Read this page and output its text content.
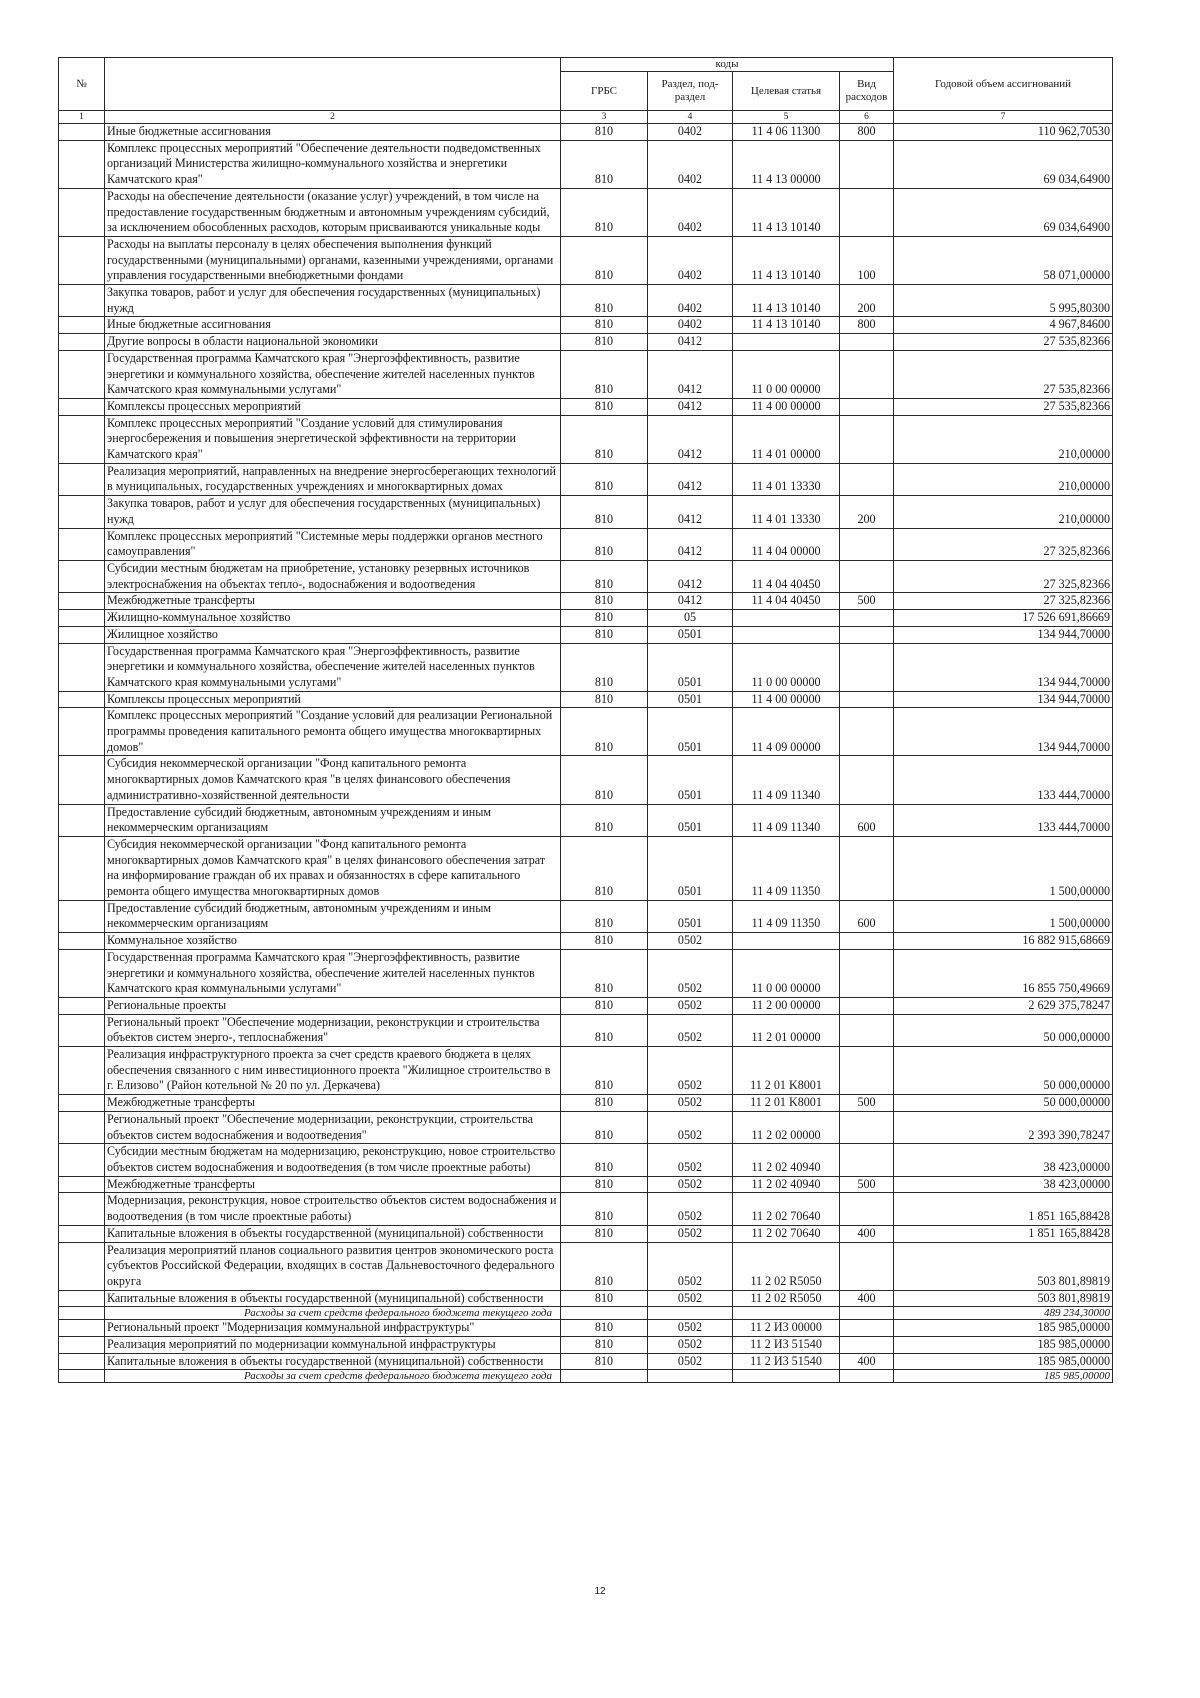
№		коды				Годовой объем ассигнований
		ГРБС	Раздел, под-раздел	Целевая статья	Вид расходов	
1	2	3	4	5	6	7
	Иные бюджетные ассигнования	810	0402	11 4 06 11300	800	110 962,70530
	Комплекс процессных мероприятий "Обеспечение деятельности подведомственных организаций Министерства жилищно-коммунального хозяйства и энергетики Камчатского края"	810	0402	11 4 13 00000		69 034,64900
	Расходы на обеспечение деятельности (оказание услуг) учреждений, в том числе на предоставление государственным бюджетным и автономным учреждениям субсидий, за исключением обособленных расходов, которым присваиваются уникальные коды	810	0402	11 4 13 10140		69 034,64900
	Расходы на выплаты персоналу в целях обеспечения выполнения функций государственными (муниципальными) органами, казенными учреждениями, органами управления государственными внебюджетными фондами	810	0402	11 4 13 10140	100	58 071,00000
	Закупка товаров, работ и услуг для обеспечения государственных (муниципальных) нужд	810	0402	11 4 13 10140	200	5 995,80300
	Иные бюджетные ассигнования	810	0402	11 4 13 10140	800	4 967,84600
	Другие вопросы в области национальной экономики	810	0412			27 535,82366
	Государственная программа Камчатского края "Энергоэффективность, развитие энергетики и коммунального хозяйства, обеспечение жителей населенных пунктов Камчатского края коммунальными услугами"	810	0412	11 0 00 00000		27 535,82366
	Комплексы процессных мероприятий	810	0412	11 4 00 00000		27 535,82366
	Комплекс процессных мероприятий "Создание условий для стимулирования энергосбережения и повышения энергетической эффективности на территории Камчатского края"	810	0412	11 4 01 00000		210,00000
	Реализация мероприятий, направленных на внедрение энергосберегающих технологий в муниципальных, государственных учреждениях и многоквартирных домах	810	0412	11 4 01 13330		210,00000
	Закупка товаров, работ и услуг для обеспечения государственных (муниципальных) нужд	810	0412	11 4 01 13330	200	210,00000
	Комплекс процессных мероприятий "Системные меры поддержки органов местного самоуправления"	810	0412	11 4 04 00000		27 325,82366
	Субсидии местным бюджетам на приобретение, установку резервных источников электроснабжения на объектах тепло-, водоснабжения и водоотведения	810	0412	11 4 04 40450		27 325,82366
	Межбюджетные трансферты	810	0412	11 4 04 40450	500	27 325,82366
	Жилищно-коммунальное хозяйство	810	05			17 526 691,86669
	Жилищное хозяйство	810	0501			134 944,70000
	Государственная программа Камчатского края "Энергоэффективность, развитие энергетики и коммунального хозяйства, обеспечение жителей населенных пунктов Камчатского края коммунальными услугами"	810	0501	11 0 00 00000		134 944,70000
	Комплексы процессных мероприятий	810	0501	11 4 00 00000		134 944,70000
	Комплекс процессных мероприятий "Создание условий для реализации Региональной программы проведения капитального ремонта общего имущества многоквартирных домов"	810	0501	11 4 09 00000		134 944,70000
	Субсидия некоммерческой организации "Фонд капитального ремонта многоквартирных домов Камчатского края "в целях финансового обеспечения административно-хозяйственной деятельности	810	0501	11 4 09 11340		133 444,70000
	Предоставление субсидий бюджетным, автономным учреждениям и иным некоммерческим организациям	810	0501	11 4 09 11340	600	133 444,70000
	Субсидия некоммерческой организации "Фонд капитального ремонта многоквартирных домов Камчатского края" в целях финансового обеспечения затрат на информирование граждан об их правах и обязанностях в сфере капитального ремонта общего имущества многоквартирных домов	810	0501	11 4 09 11350		1 500,00000
	Предоставление субсидий бюджетным, автономным учреждениям и иным некоммерческим организациям	810	0501	11 4 09 11350	600	1 500,00000
	Коммунальное хозяйство	810	0502			16 882 915,68669
	Государственная программа Камчатского края "Энергоэффективность, развитие энергетики и коммунального хозяйства, обеспечение жителей населенных пунктов Камчатского края коммунальными услугами"	810	0502	11 0 00 00000		16 855 750,49669
	Региональные проекты	810	0502	11 2 00 00000		2 629 375,78247
	Региональный проект "Обеспечение модернизации, реконструкции и строительства объектов систем энерго-, теплоснабжения"	810	0502	11 2 01 00000		50 000,00000
	Реализация инфраструктурного проекта за счет средств краевого бюджета в целях обеспечения связанного с ним инвестиционного проекта "Жилищное строительство в г. Елизово" (Район котельной № 20 по ул. Деркачева)	810	0502	11 2 01 K8001		50 000,00000
	Межбюджетные трансферты	810	0502	11 2 01 K8001	500	50 000,00000
	Региональный проект "Обеспечение модернизации, реконструкции, строительства объектов систем водоснабжения и водоотведения"	810	0502	11 2 02 00000		2 393 390,78247
	Субсидии местным бюджетам на модернизацию, реконструкцию, новое строительство объектов систем водоснабжения и водоотведения (в том числе проектные работы)	810	0502	11 2 02 40940		38 423,00000
	Межбюджетные трансферты	810	0502	11 2 02 40940	500	38 423,00000
	Модернизация, реконструкция, новое строительство объектов систем водоснабжения и водоотведения (в том числе проектные работы)	810	0502	11 2 02 70640		1 851 165,88428
	Капитальные вложения в объекты государственной (муниципальной) собственности	810	0502	11 2 02 70640	400	1 851 165,88428
	Реализация мероприятий планов социального развития центров экономического роста субъектов Российской Федерации, входящих в состав Дальневосточного федерального округа	810	0502	11 2 02 R5050		503 801,89819
	Капитальные вложения в объекты государственной (муниципальной) собственности	810	0502	11 2 02 R5050	400	503 801,89819
	Расходы за счет средств федерального бюджета текущего года					489 234,30000
	Региональный проект "Модернизация коммунальной инфраструктуры"	810	0502	11 2 И3 00000		185 985,00000
	Реализация мероприятий по модернизации коммунальной инфраструктуры	810	0502	11 2 И3 51540		185 985,00000
	Капитальные вложения в объекты государственной (муниципальной) собственности	810	0502	11 2 И3 51540	400	185 985,00000
	Расходы за счет средств федерального бюджета текущего года					185 985,00000
12
